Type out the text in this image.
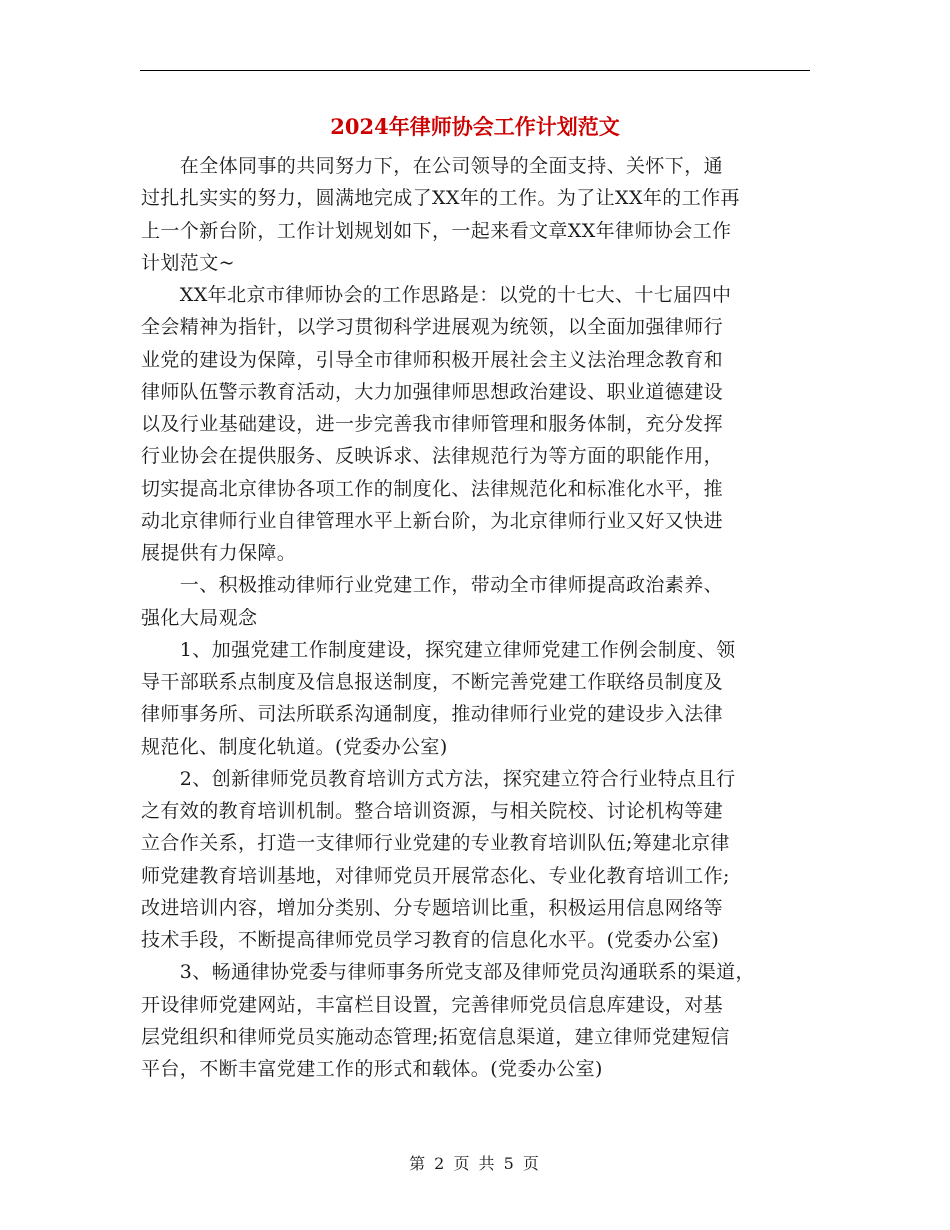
2024年律师协会工作计划范文
　　在全体同事的共同努力下，在公司领导的全面支持、关怀下，通
过扎扎实实的努力，圆满地完成了XX年的工作。为了让XX年的工作再
上一个新台阶，工作计划规划如下，一起来看文章XX年律师协会工作
计划范文~
　　XX年北京市律师协会的工作思路是：以党的十七大、十七届四中
全会精神为指针，以学习贯彻科学进展观为统领，以全面加强律师行
业党的建设为保障，引导全市律师积极开展社会主义法治理念教育和
律师队伍警示教育活动，大力加强律师思想政治建设、职业道德建设
以及行业基础建设，进一步完善我市律师管理和服务体制，充分发挥
行业协会在提供服务、反映诉求、法律规范行为等方面的职能作用，
切实提高北京律协各项工作的制度化、法律规范化和标准化水平，推
动北京律师行业自律管理水平上新台阶，为北京律师行业又好又快进
展提供有力保障。
　　一、积极推动律师行业党建工作，带动全市律师提高政治素养、
强化大局观念
　　1、加强党建工作制度建设，探究建立律师党建工作例会制度、领
导干部联系点制度及信息报送制度，不断完善党建工作联络员制度及
律师事务所、司法所联系沟通制度，推动律师行业党的建设步入法律
规范化、制度化轨道。(党委办公室)
　　2、创新律师党员教育培训方式方法，探究建立符合行业特点且行
之有效的教育培训机制。整合培训资源，与相关院校、讨论机构等建
立合作关系，打造一支律师行业党建的专业教育培训队伍;筹建北京律
师党建教育培训基地，对律师党员开展常态化、专业化教育培训工作;
改进培训内容，增加分类别、分专题培训比重，积极运用信息网络等
技术手段，不断提高律师党员学习教育的信息化水平。(党委办公室)
　　3、畅通律协党委与律师事务所党支部及律师党员沟通联系的渠道，
开设律师党建网站，丰富栏目设置，完善律师党员信息库建设，对基
层党组织和律师党员实施动态管理;拓宽信息渠道，建立律师党建短信
平台，不断丰富党建工作的形式和载体。(党委办公室)
第 2 页 共 5 页
